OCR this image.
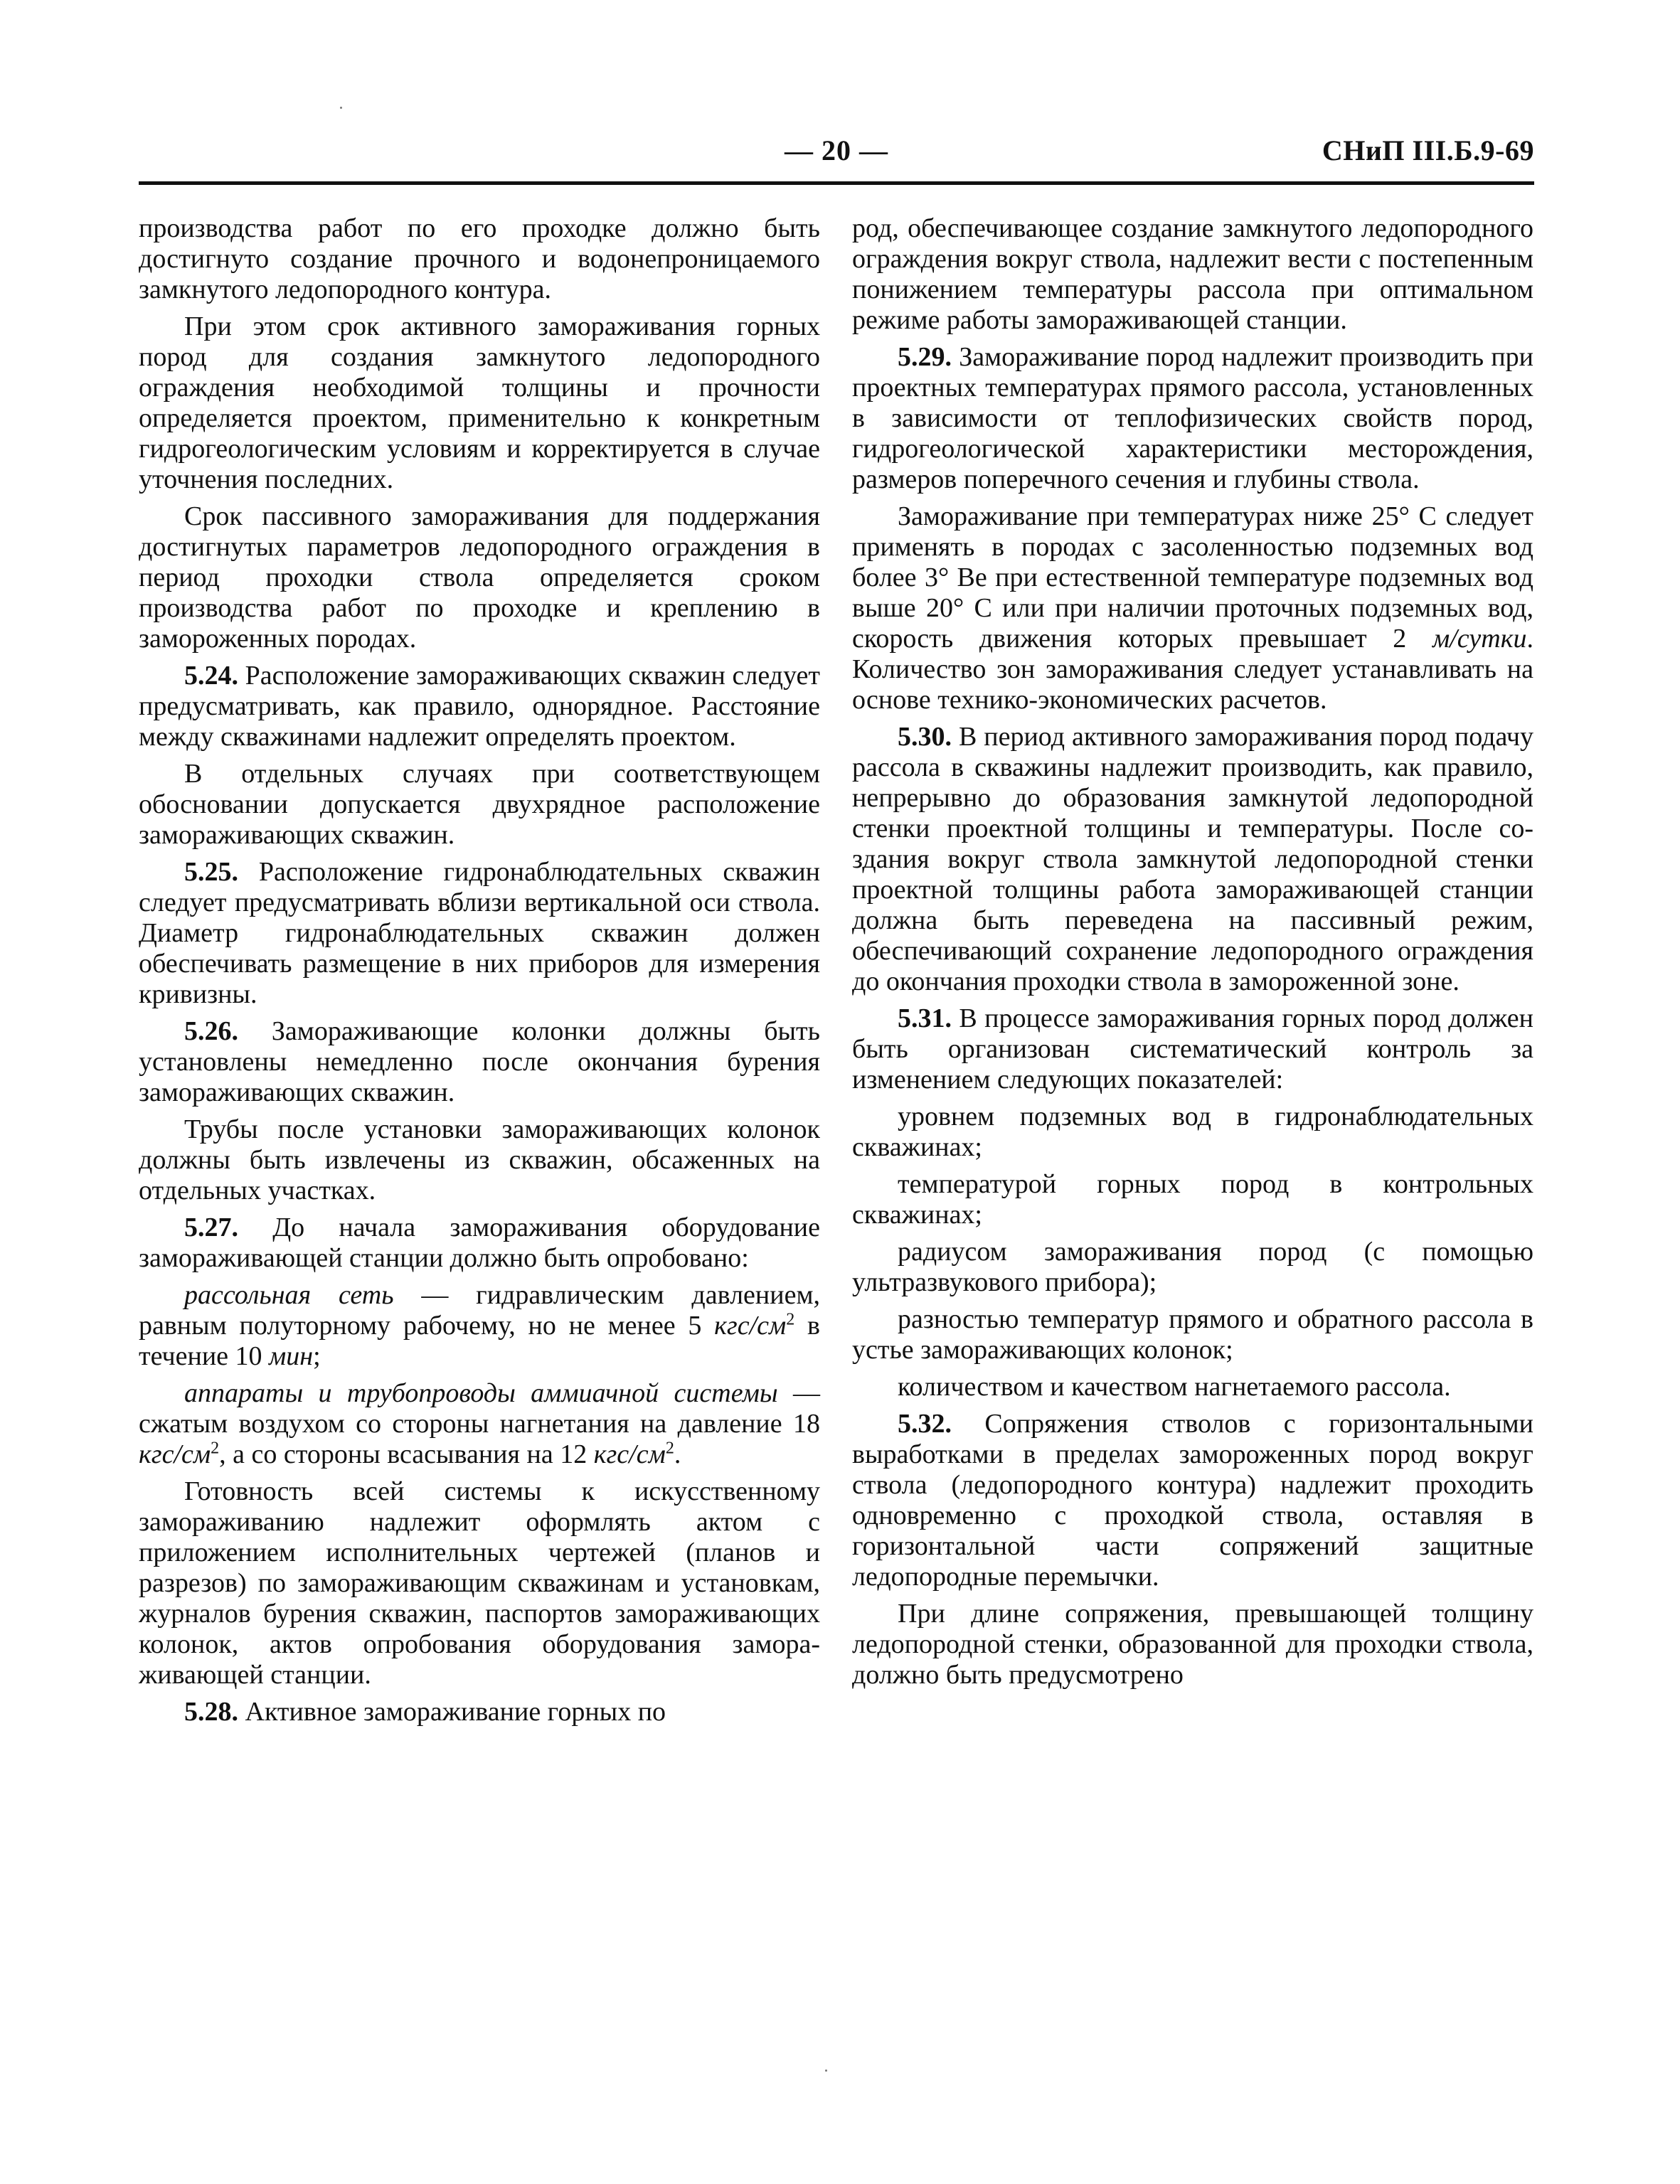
— 20 —	СНиП III.Б.9-69

производства работ по его проходке должно быть достигнуто создание прочного и водонепроницаемого замкнутого ледопородного контура.

При этом срок активного замораживания горных пород для создания замкнутого ледопородного ограждения необходимой толщины и прочности определяется проектом, применительно к конкретным гидрогеологическим условиям и корректируется в случае уточнения последних.

Срок пассивного замораживания для поддержания достигнутых параметров ледопородного ограждения в период проходки ствола определяется сроком производства работ по проходке и креплению в замороженных породах.

5.24. Расположение замораживающих скважин следует предусматривать, как правило, однорядное. Расстояние между скважинами надлежит определять проектом.

В отдельных случаях при соответствующем обосновании допускается двухрядное расположение замораживающих скважин.

5.25. Расположение гидронаблюдательных скважин следует предусматривать вблизи вертикальной оси ствола. Диаметр гидронаблюдательных скважин должен обеспечивать размещение в них приборов для измерения кривизны.

5.26. Замораживающие колонки должны быть установлены немедленно после окончания бурения замораживающих скважин.

Трубы после установки замораживающих колонок должны быть извлечены из скважин, обсаженных на отдельных участках.

5.27. До начала замораживания оборудование замораживающей станции должно быть опробовано:

рассольная сеть — гидравлическим давлением, равным полуторному рабочему, но не менее 5 кгс/$см^2$ в течение 10 мин;

аппараты и трубопроводы аммиачной системы — сжатым воздухом со стороны нагнетания на давление 18 кгс/$см^2$, а со стороны всасывания на 12 кгс/$см^2$.

Готовность всей системы к искусственному замораживанию надлежит оформлять актом с приложением исполнительных чертежей (планов и разрезов) по замораживающим скважинам и установкам, журналов бурения скважин, паспортов замораживающих колонок, актов опробования оборудования замораживающей станции.

5.28. Активное замораживание горных по

род, обеспечивающее создание замкнутого ледопородного ограждения вокруг ствола, надлежит вести с постепенным понижением температуры рассола при оптимальном режиме работы замораживающей станции.

5.29. Замораживание пород надлежит производить при проектных температурах прямого рассола, установленных в зависимости от теплофизических свойств пород, гидрогеологической характеристики месторождения, размеров поперечного сечения и глубины ствола.

Замораживание при температурах ниже 25° С следует применять в породах с засоленностью подземных вод более 3° Ве при естественной температуре подземных вод выше 20° С или при наличии проточных подземных вод, скорость движения которых превышает 2 м/сутки. Количество зон замораживания следует устанавливать на основе технико-экономических расчетов.

5.30. В период активного замораживания пород подачу рассола в скважины надлежит производить, как правило, непрерывно до образования замкнутой ледопородной стенки проектной толщины и температуры. После создания вокруг ствола замкнутой ледопородной стенки проектной толщины работа замораживающей станции должна быть переведена на пассивный режим, обеспечивающий сохранение ледопородного ограждения до окончания проходки ствола в замороженной зоне.

5.31. В процессе замораживания горных пород должен быть организован систематический контроль за изменением следующих показателей:

уровнем подземных вод в гидронаблюдательных скважинах;

температурой горных пород в контрольных скважинах;

радиусом замораживания пород (с помощью ультразвукового прибора);

разностью температур прямого и обратного рассола в устье замораживающих колонок;

количеством и качеством нагнетаемого рассола.

5.32. Сопряжения стволов с горизонтальными выработками в пределах замороженных пород вокруг ствола (ледопородного контура) надлежит проходить одновременно с проходкой ствола, оставляя в горизонтальной части сопряжений защитные ледопородные перемычки.

При длине сопряжения, превышающей толщину ледопородной стенки, образованной для проходки ствола, должно быть предусмотрено
